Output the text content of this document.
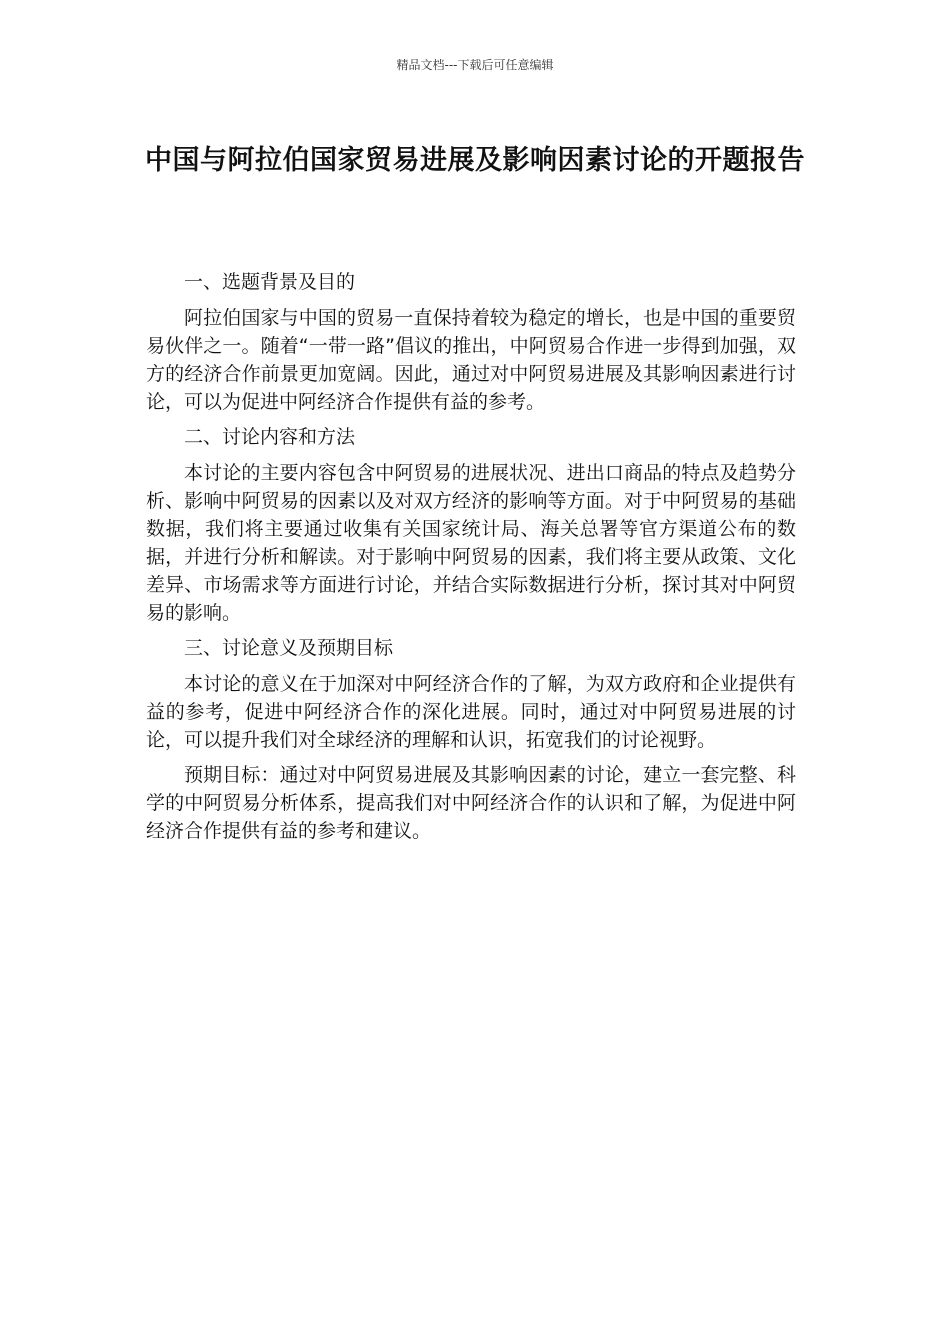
精品文档---下载后可任意编辑
中国与阿拉伯国家贸易进展及影响因素讨论的开题报告

一、选题背景及目的

阿拉伯国家与中国的贸易一直保持着较为稳定的增长，也是中国的重要贸易伙伴之一。随着“一带一路”倡议的推出，中阿贸易合作进一步得到加强，双方的经济合作前景更加宽阔。因此，通过对中阿贸易进展及其影响因素进行讨论，可以为促进中阿经济合作提供有益的参考。

二、讨论内容和方法

本讨论的主要内容包含中阿贸易的进展状况、进出口商品的特点及趋势分析、影响中阿贸易的因素以及对双方经济的影响等方面。对于中阿贸易的基础数据，我们将主要通过收集有关国家统计局、海关总署等官方渠道公布的数据，并进行分析和解读。对于影响中阿贸易的因素，我们将主要从政策、文化差异、市场需求等方面进行讨论，并结合实际数据进行分析，探讨其对中阿贸易的影响。

三、讨论意义及预期目标

本讨论的意义在于加深对中阿经济合作的了解，为双方政府和企业提供有益的参考，促进中阿经济合作的深化进展。同时，通过对中阿贸易进展的讨论，可以提升我们对全球经济的理解和认识，拓宽我们的讨论视野。

预期目标：通过对中阿贸易进展及其影响因素的讨论，建立一套完整、科学的中阿贸易分析体系，提高我们对中阿经济合作的认识和了解，为促进中阿经济合作提供有益的参考和建议。
